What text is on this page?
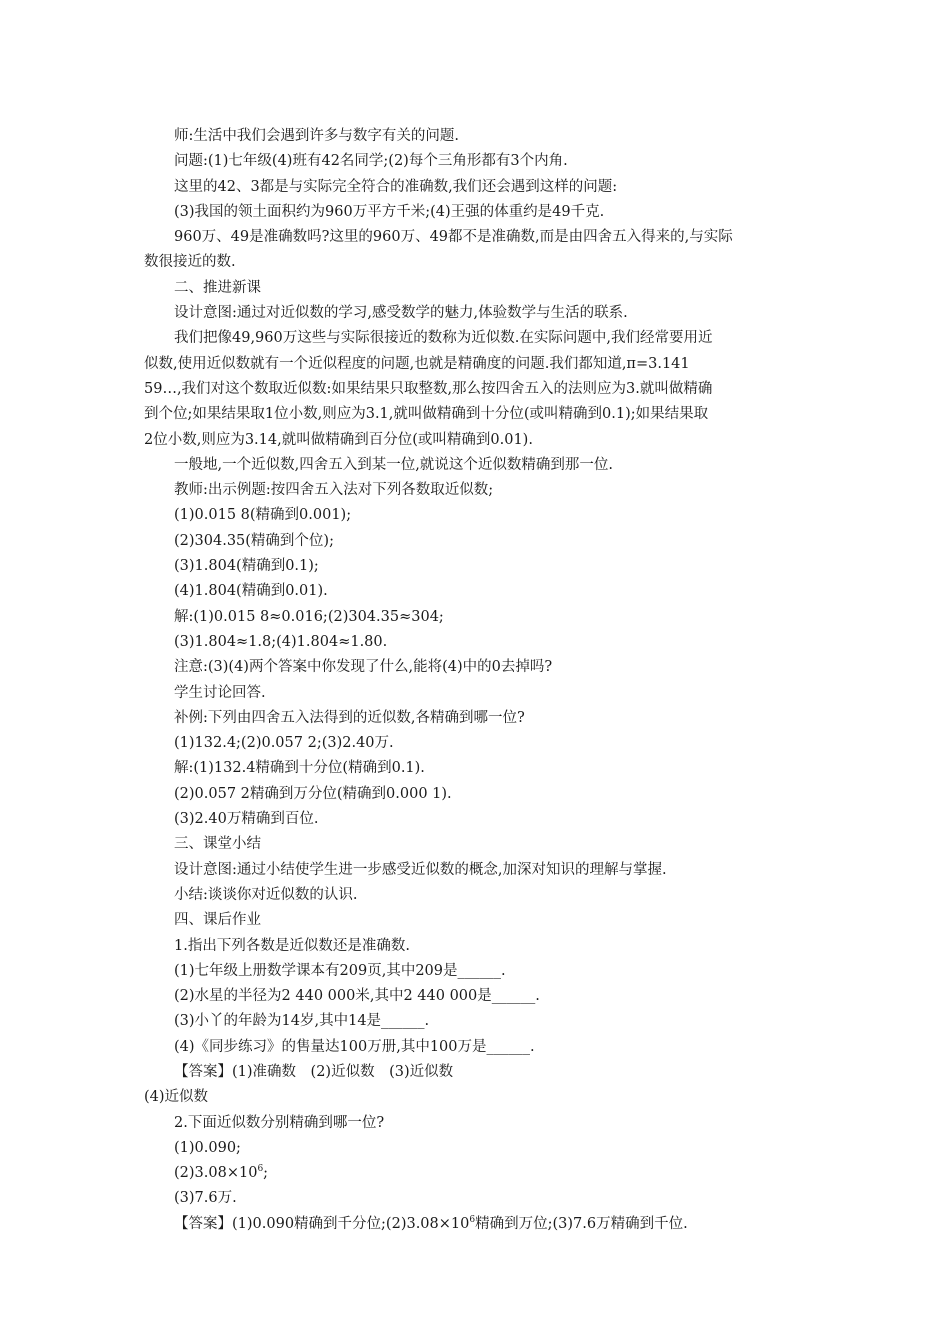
师:生活中我们会遇到许多与数字有关的问题.
问题:(1)七年级(4)班有42名同学;(2)每个三角形都有3个内角.
这里的42、3都是与实际完全符合的准确数,我们还会遇到这样的问题:
(3)我国的领土面积约为960万平方千米;(4)王强的体重约是49千克.
960万、49是准确数吗?这里的960万、49都不是准确数,而是由四舍五入得来的,与实际
数很接近的数.
二、推进新课
设计意图:通过对近似数的学习,感受数学的魅力,体验数学与生活的联系.
我们把像49,960万这些与实际很接近的数称为近似数.在实际问题中,我们经常要用近
似数,使用近似数就有一个近似程度的问题,也就是精确度的问题.我们都知道,π=3.141
59…,我们对这个数取近似数:如果结果只取整数,那么按四舍五入的法则应为3.就叫做精确
到个位;如果结果取1位小数,则应为3.1,就叫做精确到十分位(或叫精确到0.1);如果结果取
2位小数,则应为3.14,就叫做精确到百分位(或叫精确到0.01).
一般地,一个近似数,四舍五入到某一位,就说这个近似数精确到那一位.
教师:出示例题:按四舍五入法对下列各数取近似数;
(1)0.015 8(精确到0.001);
(2)304.35(精确到个位);
(3)1.804(精确到0.1);
(4)1.804(精确到0.01).
解:(1)0.015 8≈0.016;(2)304.35≈304;
(3)1.804≈1.8;(4)1.804≈1.80.
注意:(3)(4)两个答案中你发现了什么,能将(4)中的0去掉吗?
学生讨论回答.
补例:下列由四舍五入法得到的近似数,各精确到哪一位?
(1)132.4;(2)0.057 2;(3)2.40万.
解:(1)132.4精确到十分位(精确到0.1).
(2)0.057 2精确到万分位(精确到0.000 1).
(3)2.40万精确到百位.
三、课堂小结
设计意图:通过小结使学生进一步感受近似数的概念,加深对知识的理解与掌握.
小结:谈谈你对近似数的认识.
四、课后作业
1.指出下列各数是近似数还是准确数.
(1)七年级上册数学课本有209页,其中209是______.
(2)水星的半径为2 440 000米,其中2 440 000是______.
(3)小丫的年龄为14岁,其中14是______.
(4)《同步练习》的售量达100万册,其中100万是______.
【答案】(1)准确数　(2)近似数　(3)近似数
(4)近似数
2.下面近似数分别精确到哪一位?
(1)0.090;
$(2)3.08\times 10^6$;
(3)7.6万.
【答案】(1)0.090精确到千分位$;(2)3.08\times 10^6$精确到万位;(3)7.6万精确到千位.
